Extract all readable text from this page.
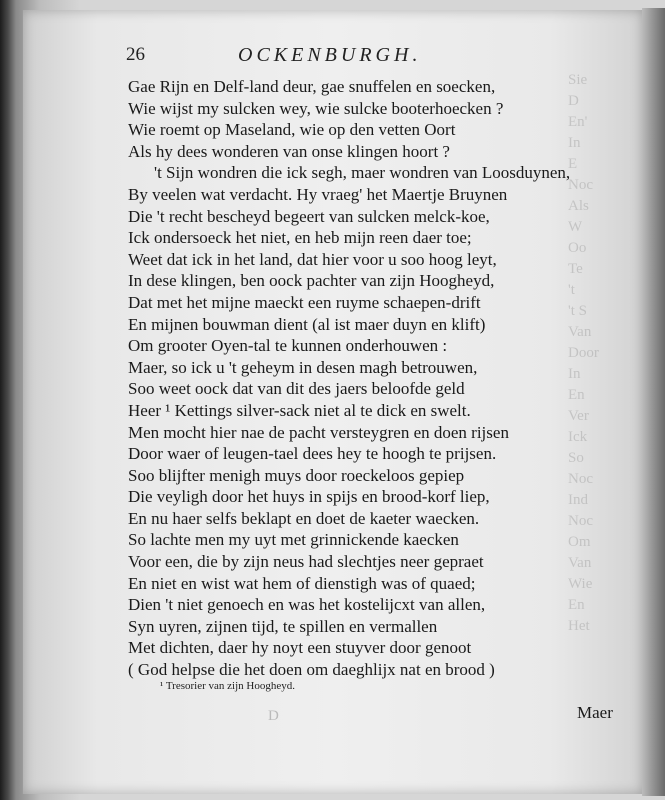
Sie
D
En'
In
E
Noc
Als
W
Oo
Te
't
't S
Van
Door
In
En
Ver
Ick
So
Noc
Ind
Noc
Om
Van
Wie
En
Het
26	OCKENBURGH.
Gae Rijn en Delf-land deur, gae snuffelen en soecken,
Wie wijst my sulcken wey, wie sulcke booterhoecken ?
Wie roemt op Maseland, wie op den vetten Oort
Als hy dees wonderen van onse klingen hoort ?
't Sijn wondren die ick segh, maer wondren van Loosduynen,
By veelen wat verdacht. Hy vraeg' het Maertje Bruynen
Die 't recht bescheyd begeert van sulcken melck-koe,
Ick ondersoeck het niet, en heb mijn reen daer toe;
Weet dat ick in het land, dat hier voor u soo hoog leyt,
In dese klingen, ben oock pachter van zijn Hoogheyd,
Dat met het mijne maeckt een ruyme schaepen-drift
En mijnen bouwman dient (al ist maer duyn en klift)
Om grooter Oyen-tal te kunnen onderhouwen :
Maer, so ick u 't geheym in desen magh betrouwen,
Soo weet oock dat van dit des jaers beloofde geld
Heer ¹ Kettings silver-sack niet al te dick en swelt.
Men mocht hier nae de pacht versteygren en doen rijsen
Door waer of leugen-tael dees hey te hoogh te prijsen.
Soo blijfter menigh muys door roeckeloos gepiep
Die veyligh door het huys in spijs en brood-korf liep,
En nu haer selfs beklapt en doet de kaeter waecken.
So lachte men my uyt met grinnickende kaecken
Voor een, die by zijn neus had slechtjes neer gepraet
En niet en wist wat hem of dienstigh was of quaed;
Dien 't niet genoech en was het kostelijcxt van allen,
Syn uyren, zijnen tijd, te spillen en vermallen
Met dichten, daer hy noyt een stuyver door genoot
( God helpse die het doen om daeghlijx nat en brood )
¹ Tresorier van zijn Hoogheyd.
D	Maer
